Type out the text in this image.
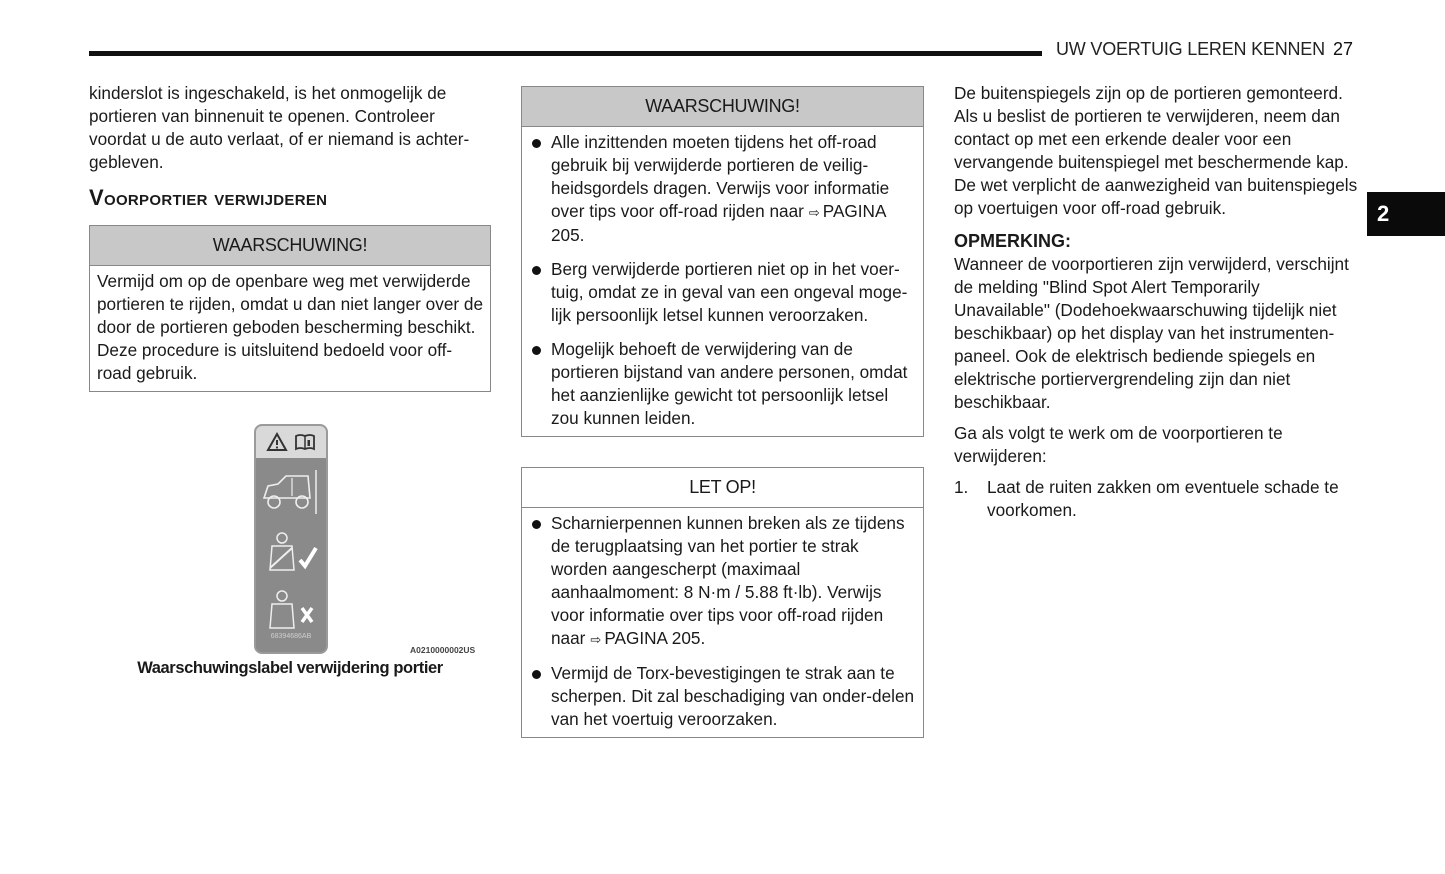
UW VOERTUIG LEREN KENNEN 27
2

kinderslot is ingeschakeld, is het onmogelijk de portieren van binnenuit te openen. Controleer voordat u de auto verlaat, of er niemand is achter-gebleven.

Voorportier verwijderen
WAARSCHUWING!
Vermijd om op de openbare weg met verwijderde portieren te rijden, omdat u dan niet langer over de door de portieren geboden bescherming beschikt. Deze procedure is uitsluitend bedoeld voor off-road gebruik.
68394686AB
A0210000002US
Waarschuwingslabel verwijdering portier
WAARSCHUWING!
Alle inzittenden moeten tijdens het off-road gebruik bij verwijderde portieren de veilig-heidsgordels dragen. Verwijs voor informatie over tips voor off-road rijden naar ⇨ PAGINA 205.
Berg verwijderde portieren niet op in het voer-tuig, omdat ze in geval van een ongeval moge-lijk persoonlijk letsel kunnen veroorzaken.
Mogelijk behoeft de verwijdering van de portieren bijstand van andere personen, omdat het aanzienlijke gewicht tot persoonlijk letsel zou kunnen leiden.
LET OP!
Scharnierpennen kunnen breken als ze tijdens de terugplaatsing van het portier te strak worden aangescherpt (maximaal aanhaalmoment: 8 N·m / 5.88 ft·lb). Verwijs voor informatie over tips voor off-road rijden naar ⇨ PAGINA 205.
Vermijd de Torx-bevestigingen te strak aan te scherpen. Dit zal beschadiging van onder-delen van het voertuig veroorzaken.

De buitenspiegels zijn op de portieren gemonteerd. Als u beslist de portieren te verwijderen, neem dan contact op met een erkende dealer voor een vervangende buitenspiegel met beschermende kap. De wet verplicht de aanwezigheid van buitenspiegels op voertuigen voor off-road gebruik.

OPMERKING:

Wanneer de voorportieren zijn verwijderd, verschijnt de melding "Blind Spot Alert Temporarily Unavailable" (Dodehoekwaarschuwing tijdelijk niet beschikbaar) op het display van het instrumenten-paneel. Ook de elektrisch bediende spiegels en elektrische portiervergrendeling zijn dan niet beschikbaar.

Ga als volgt te werk om de voorportieren te verwijderen:

1. Laat de ruiten zakken om eventuele schade te voorkomen.
